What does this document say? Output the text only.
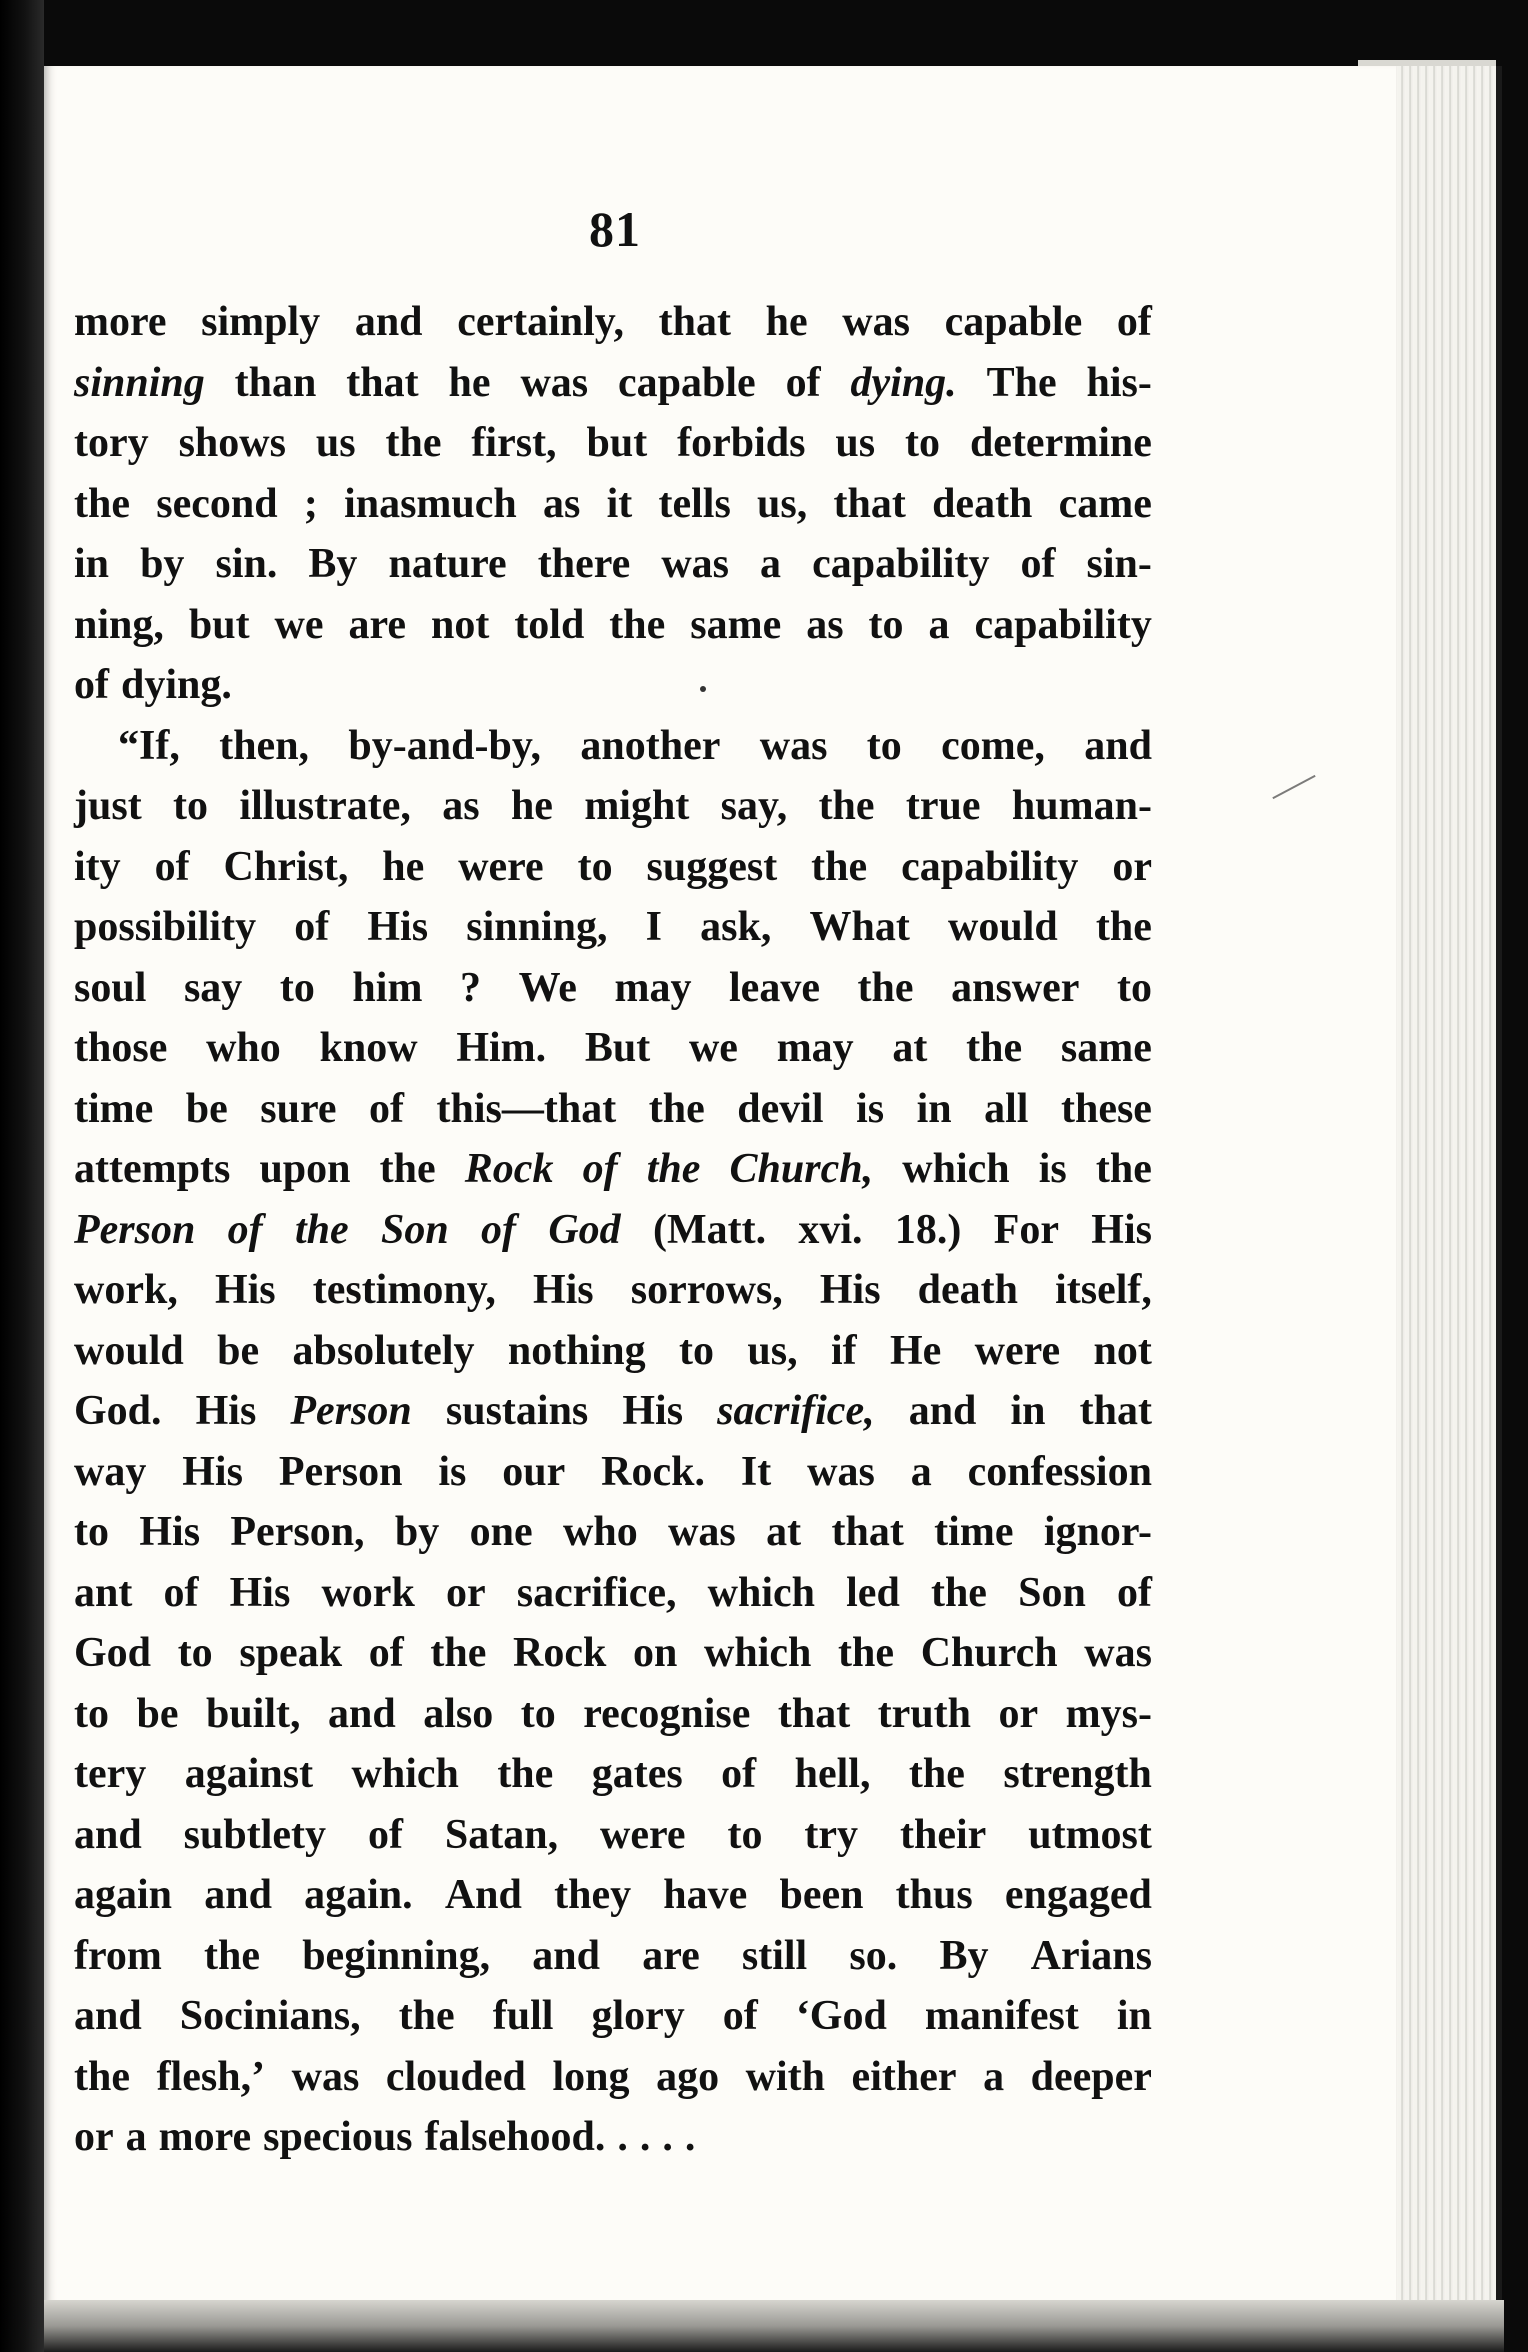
81
more simply and certainly, that he was capable of
sinning than that he was capable of dying. The his-
tory shows us the first, but forbids us to determine
the second ; inasmuch as it tells us, that death came
in by sin. By nature there was a capability of sin-
ning, but we are not told the same as to a capability
of dying.
“If, then, by-and-by, another was to come, and
just to illustrate, as he might say, the true human-
ity of Christ, he were to suggest the capability or
possibility of His sinning, I ask, What would the
soul say to him ? We may leave the answer to
those who know Him. But we may at the same
time be sure of this—that the devil is in all these
attempts upon the Rock of the Church, which is the
Person of the Son of God (Matt. xvi. 18.) For His
work, His testimony, His sorrows, His death itself,
would be absolutely nothing to us, if He were not
God. His Person sustains His sacrifice, and in that
way His Person is our Rock. It was a confession
to His Person, by one who was at that time ignor-
ant of His work or sacrifice, which led the Son of
God to speak of the Rock on which the Church was
to be built, and also to recognise that truth or mys-
tery against which the gates of hell, the strength
and subtlety of Satan, were to try their utmost
again and again. And they have been thus engaged
from the beginning, and are still so. By Arians
and Socinians, the full glory of ‘God manifest in
the flesh,’ was clouded long ago with either a deeper
or a more specious falsehood. . . . .
